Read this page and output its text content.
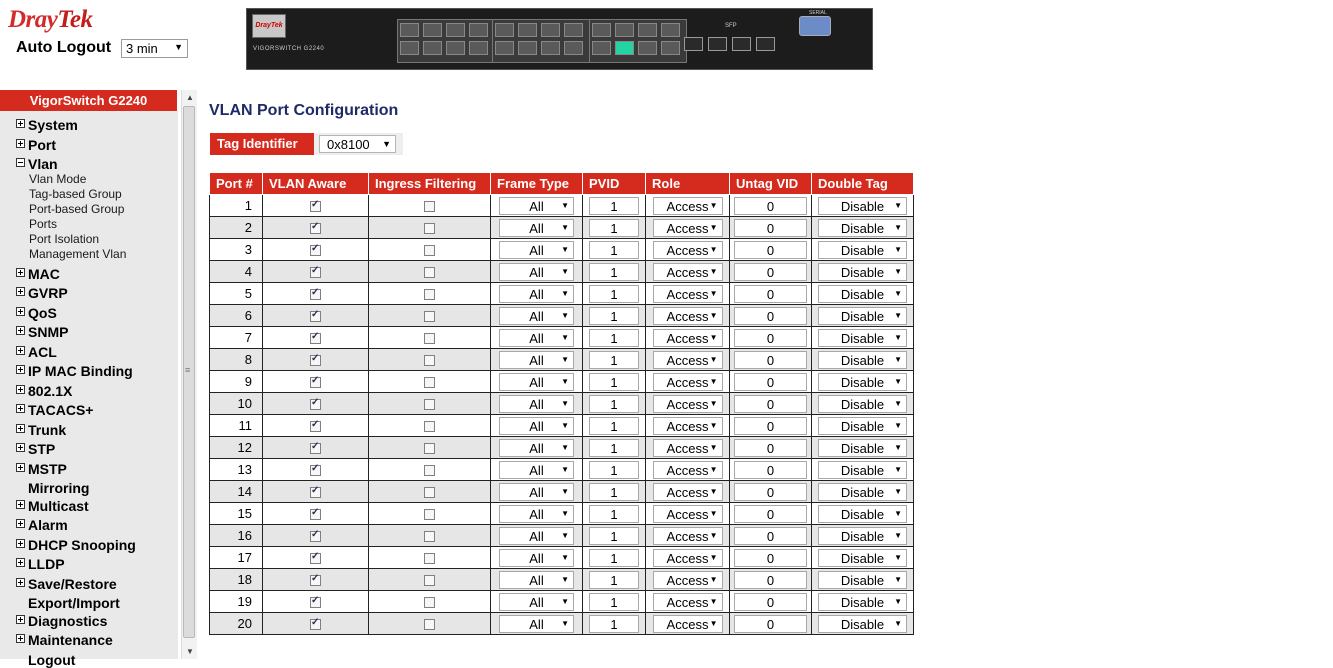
DrayTek
Auto Logout	3 min ▼
DrayTek
VIGORSWITCH G2240
SFP
SERIAL
VigorSwitch G2240
System
Port
Vlan
Vlan Mode
Tag-based Group
Port-based Group
Ports
Port Isolation
Management Vlan
MAC
GVRP
QoS
SNMP
ACL
IP MAC Binding
802.1X
TACACS+
Trunk
STP
MSTP
Mirroring
Multicast
Alarm
DHCP Snooping
LLDP
Save/Restore
Export/Import
Diagnostics
Maintenance
Logout
▲
≡
▼
VLAN Port Configuration
Tag Identifier	0x8100 ▼
Port #	VLAN Aware	Ingress Filtering	Frame Type	PVID	Role	Untag VID	Double Tag
1	✓		All ▼	1	Access ▼	0	Disable ▼

2	✓		All ▼	1	Access ▼	0	Disable ▼

3	✓		All ▼	1	Access ▼	0	Disable ▼

4	✓		All ▼	1	Access ▼	0	Disable ▼

5	✓		All ▼	1	Access ▼	0	Disable ▼

6	✓		All ▼	1	Access ▼	0	Disable ▼

7	✓		All ▼	1	Access ▼	0	Disable ▼

8	✓		All ▼	1	Access ▼	0	Disable ▼

9	✓		All ▼	1	Access ▼	0	Disable ▼

10	✓		All ▼	1	Access ▼	0	Disable ▼

11	✓		All ▼	1	Access ▼	0	Disable ▼

12	✓		All ▼	1	Access ▼	0	Disable ▼

13	✓		All ▼	1	Access ▼	0	Disable ▼

14	✓		All ▼	1	Access ▼	0	Disable ▼

15	✓		All ▼	1	Access ▼	0	Disable ▼

16	✓		All ▼	1	Access ▼	0	Disable ▼

17	✓		All ▼	1	Access ▼	0	Disable ▼

18	✓		All ▼	1	Access ▼	0	Disable ▼

19	✓		All ▼	1	Access ▼	0	Disable ▼

20	✓		All ▼	1	Access ▼	0	Disable ▼
